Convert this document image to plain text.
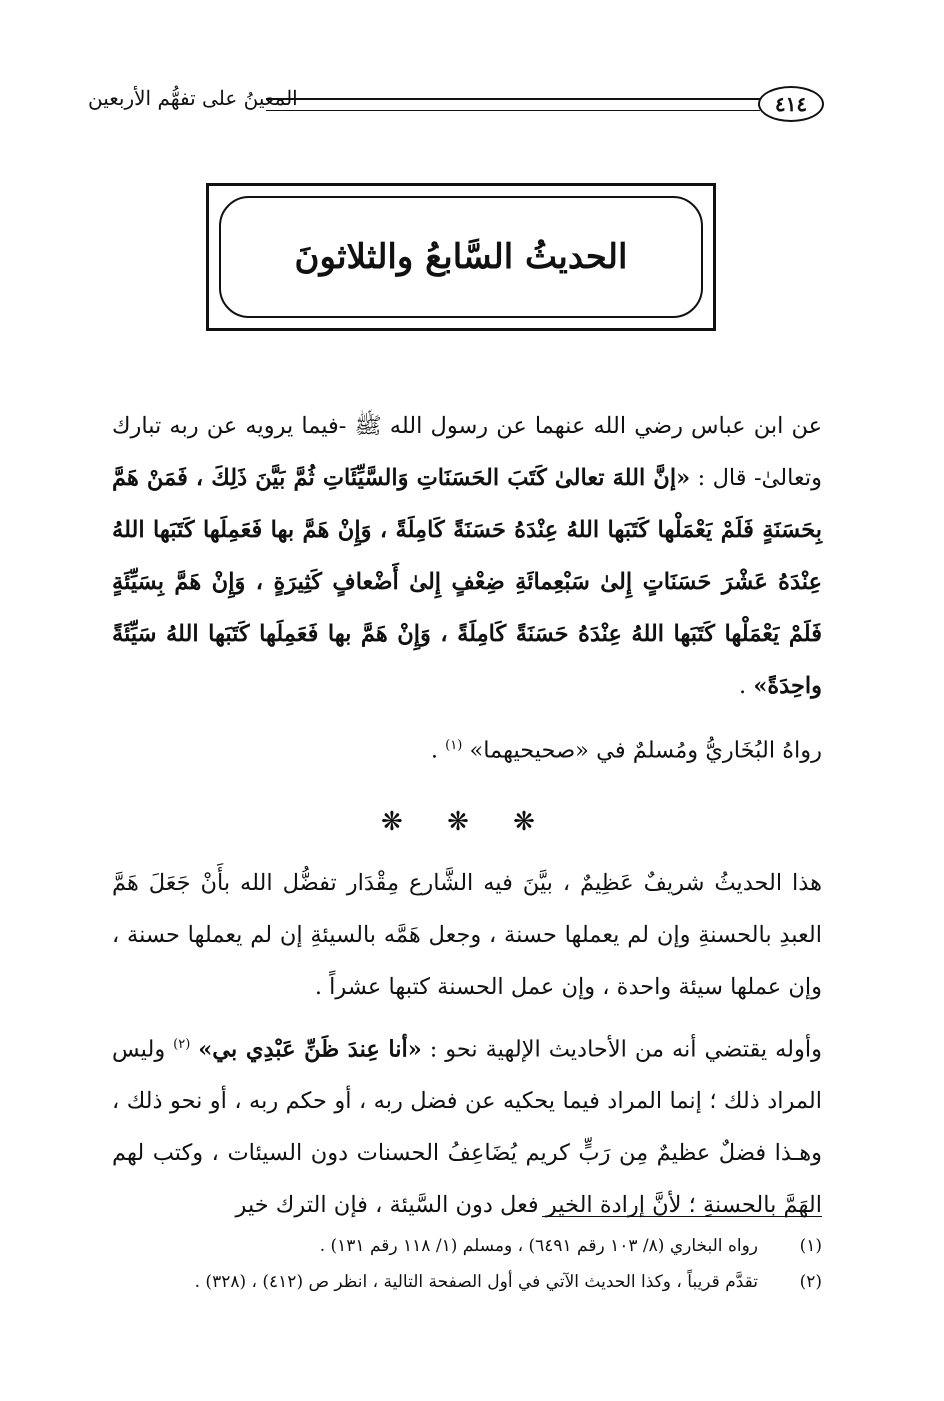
٤١٤
المعينُ على تفهُّم الأربعين
الحديثُ السَّابعُ والثلاثونَ

عن ابن عباس رضي الله عنهما عن رسول الله ﷺ -فيما يرويه عن ربه تبارك وتعالىٰ- قال : «إنَّ اللهَ تعالىٰ كَتَبَ الحَسَنَاتِ وَالسَّيِّئَاتِ ثُمَّ بَيَّنَ ذَلِكَ ، فَمَنْ هَمَّ بِحَسَنَةٍ فَلَمْ يَعْمَلْها كَتَبَها اللهُ عِنْدَهُ حَسَنَةً كَامِلَةً ، وَإِنْ هَمَّ بها فَعَمِلَها كَتَبَها اللهُ عِنْدَهُ عَشْرَ حَسَنَاتٍ إِلىٰ سَبْعِمائَةِ ضِعْفٍ إِلىٰ أَضْعافٍ كَثِيرَةٍ ، وَإِنْ هَمَّ بِسَيِّئَةٍ فَلَمْ يَعْمَلْها كَتَبَها اللهُ عِنْدَهُ حَسَنَةً كَامِلَةً ، وَإِنْ هَمَّ بها فَعَمِلَها كَتَبَها اللهُ سَيِّئَةً واحِدَةً» .

رواهُ البُخَاريُّ ومُسلمٌ في «صحيحيهما» $^{(١)}$ .

❋ ❋ ❋

هذا الحديثُ شريفٌ عَظِيمٌ ، بيَّنَ فيه الشَّارع مِقْدَار تفضُّل الله بأَنْ جَعَلَ هَمَّ العبدِ بالحسنةِ وإن لم يعملها حسنة ، وجعل هَمَّه بالسيئةِ إن لم يعملها حسنة ، وإن عملها سيئة واحدة ، وإن عمل الحسنة كتبها عشراً .

وأوله يقتضي أنه من الأحاديث الإلهية نحو : «أنا عِندَ ظَنِّ عَبْدِي بي» $^{(٢)}$ وليس المراد ذلك ؛ إنما المراد فيما يحكيه عن فضل ربه ، أو حكم ربه ، أو نحو ذلك ، وهـذا فضلٌ عظيمٌ مِن رَبٍّ كريم يُضَاعِفُ الحسنات دون السيئات ، وكتب لهم الهَمَّ بالحسنةِ ؛ لأنَّ إرادة الخير فعل دون السَّيئة ، فإن الترك خير

(١)
رواه البخاري (٨/ ١٠٣ رقم ٦٤٩١) ، ومسلم (١/ ١١٨ رقم ١٣١) .
(٢)
تقدَّم قريباً ، وكذا الحديث الآتي في أول الصفحة التالية ، انظر ص (٤١٢) ، (٣٢٨) .
